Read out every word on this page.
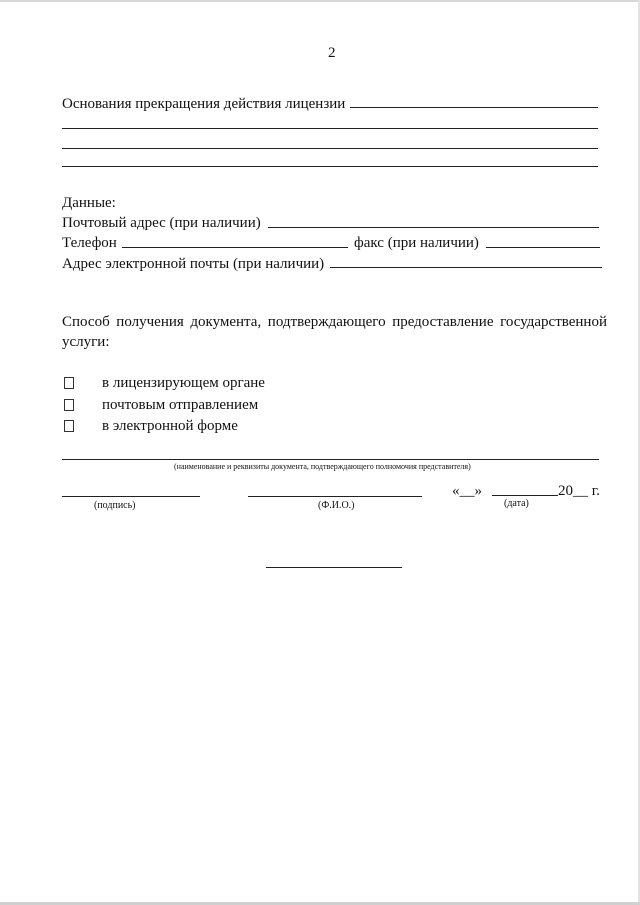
2
Основания прекращения действия лицензии
Данные:
Почтовый адрес (при наличии)
Телефон	факс (при наличии)
Адрес электронной почты (при наличии)
Способ получения документа, подтверждающего предоставление государственной
услуги:
в лицензирующем органе
почтовым отправлением
в электронной форме
(наименование и реквизиты документа, подтверждающего полномочия представителя)
(подпись)	(Ф.И.О.)
«__»	20__ г.
(дата)
